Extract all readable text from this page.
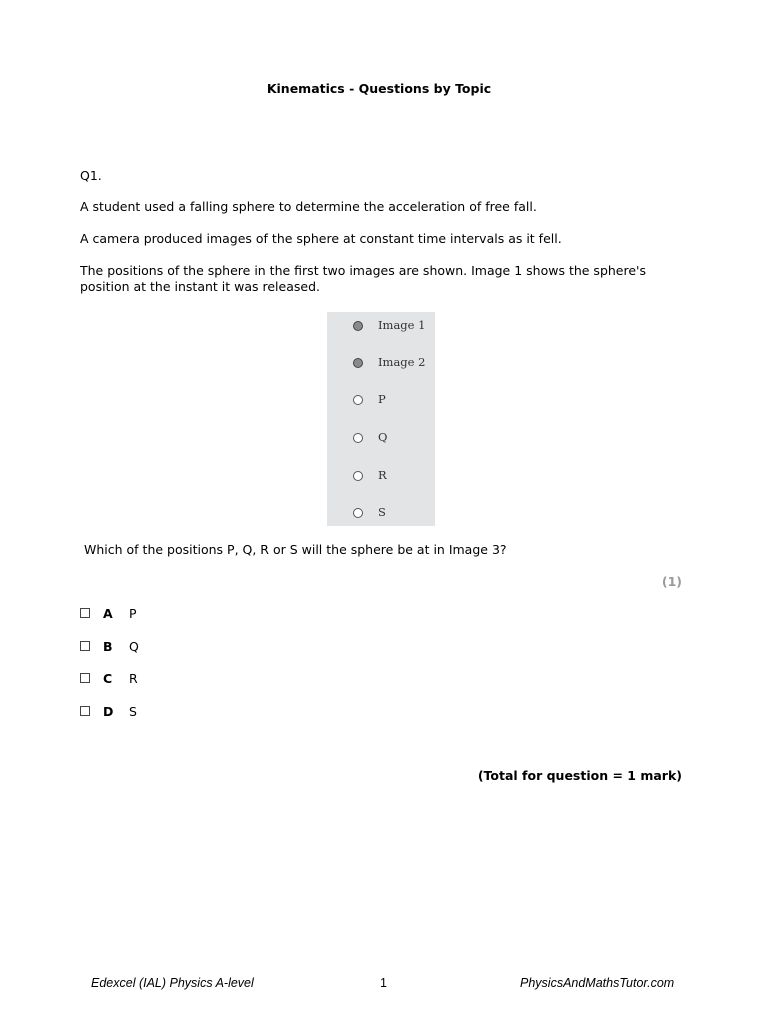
Kinematics - Questions by Topic
Q1.
A student used a falling sphere to determine the acceleration of free fall.
A camera produced images of the sphere at constant time intervals as it fell.
The positions of the sphere in the first two images are shown. Image 1 shows the sphere's position at the instant it was released.
Image 1
Image 2
P
Q
R
S
Which of the positions P, Q, R or S will the sphere be at in Image 3?
(1)
A P
B Q
C R
D S
(Total for question = 1 mark)
Edexcel (IAL) Physics A-level	1	PhysicsAndMathsTutor.com
